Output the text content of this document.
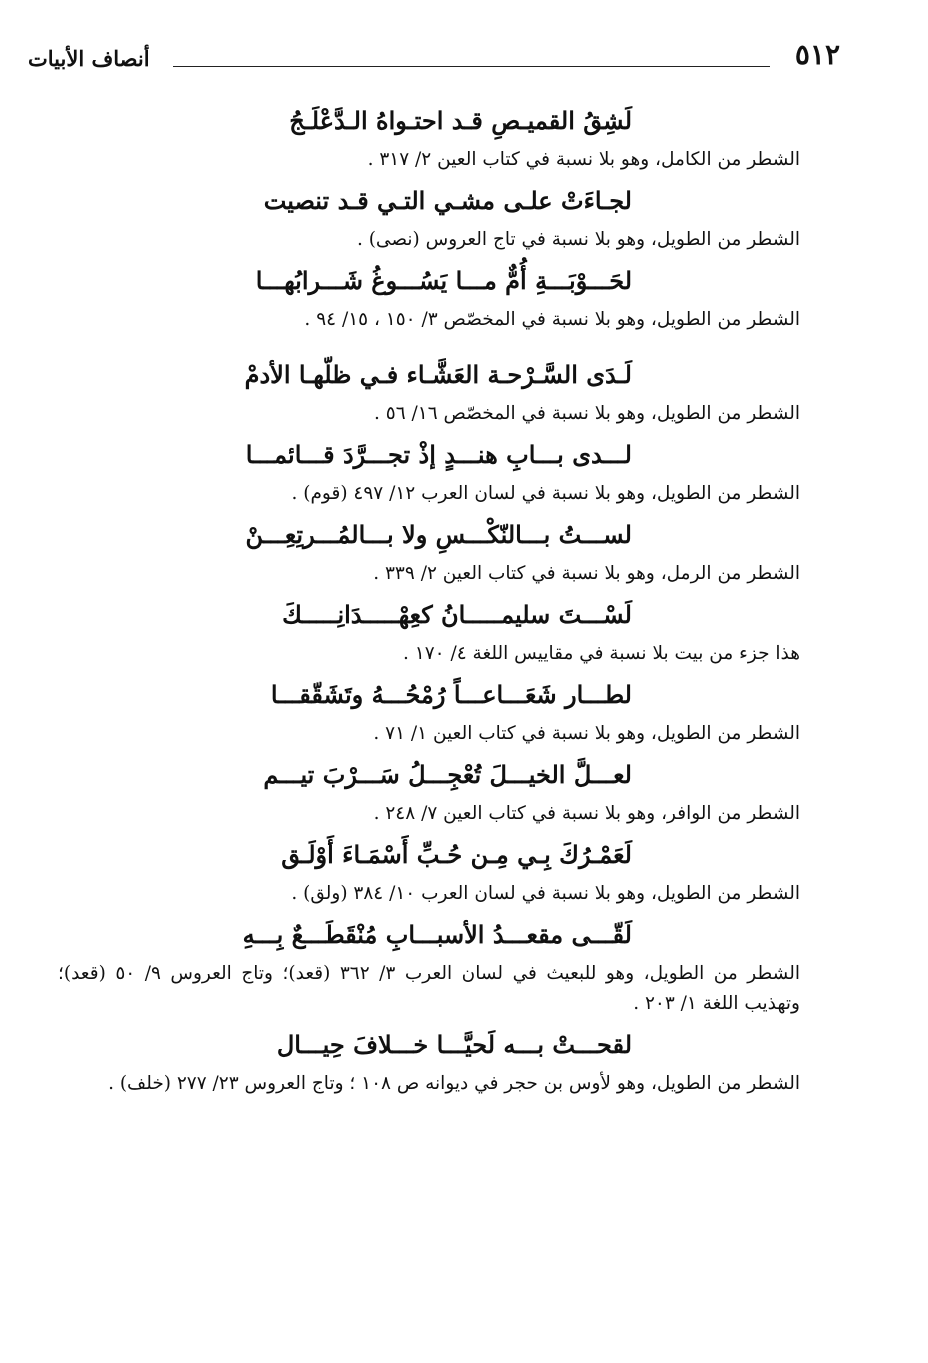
٥١٢
أنصاف الأبيات
لَشِقُ القميـصِ قـد احتـواهُ الـدَّعْلَـجُ
الشطر من الكامل، وهو بلا نسبة في كتاب العين ٢/ ٣١٧ .
لجـاءَتْ علـى مشـي التـي قـد تنصيت
الشطر من الطويل، وهو بلا نسبة في تاج العروس (نصى) .
لحَـــوْبَـــةِ أُمٌّ مـــا يَسُـــوغُ شَـــرابُهـــا
الشطر من الطويل، وهو بلا نسبة في المخصّص ٣/ ١٥٠ ، ١٥/ ٩٤ .
لَـدَى السَّـرْحـة العَشَّـاء فـي ظلّهـا الأدمْ
الشطر من الطويل، وهو بلا نسبة في المخصّص ١٦/ ٥٦ .
لـــدى بـــابِ هنـــدٍ إذْ تجـــرَّدَ قـــائمـــا
الشطر من الطويل، وهو بلا نسبة في لسان العرب ١٢/ ٤٩٧ (قوم) .
لســـتُ بـــالنّكْـــسِ ولا بـــالمُـــرتِعِـــنْ
الشطر من الرمل، وهو بلا نسبة في كتاب العين ٢/ ٣٣٩ .
لَسْـــتَ سليمـــــانُ كعِهْـــــدَانِـــــكَ
هذا جزء من بيت بلا نسبة في مقاييس اللغة ٤/ ١٧٠ .
لطـــار شَعَـــاعـــاً رُمْحُـــهُ وتَشَقّقـــا
الشطر من الطويل، وهو بلا نسبة في كتاب العين ١/ ٧١ .
لعـــلَّ الخيـــلَ تُعْجِـــلُ سَـــرْبَ تيـــم
الشطر من الوافر، وهو بلا نسبة في كتاب العين ٧/ ٢٤٨ .
لَعَمْـرُكَ بِـي مِـن حُـبِّ أَسْمَـاءَ أَوْلَـق
الشطر من الطويل، وهو بلا نسبة في لسان العرب ١٠/ ٣٨٤ (ولق) .
لَقّـــى مقعـــدُ الأسبـــابِ مُنْقَطَـــعٌ بِـــهِ
الشطر من الطويل، وهو للبعيث في لسان العرب ٣/ ٣٦٢ (قعد)؛ وتاج العروس ٩/ ٥٠ (قعد)؛ وتهذيب اللغة ١/ ٢٠٣ .
لقحـــتْ بـــه لَحيَّـــا خـــلافَ حِيـــال
الشطر من الطويل، وهو لأوس بن حجر في ديوانه ص ١٠٨ ؛ وتاج العروس ٢٣/ ٢٧٧ (خلف) .
